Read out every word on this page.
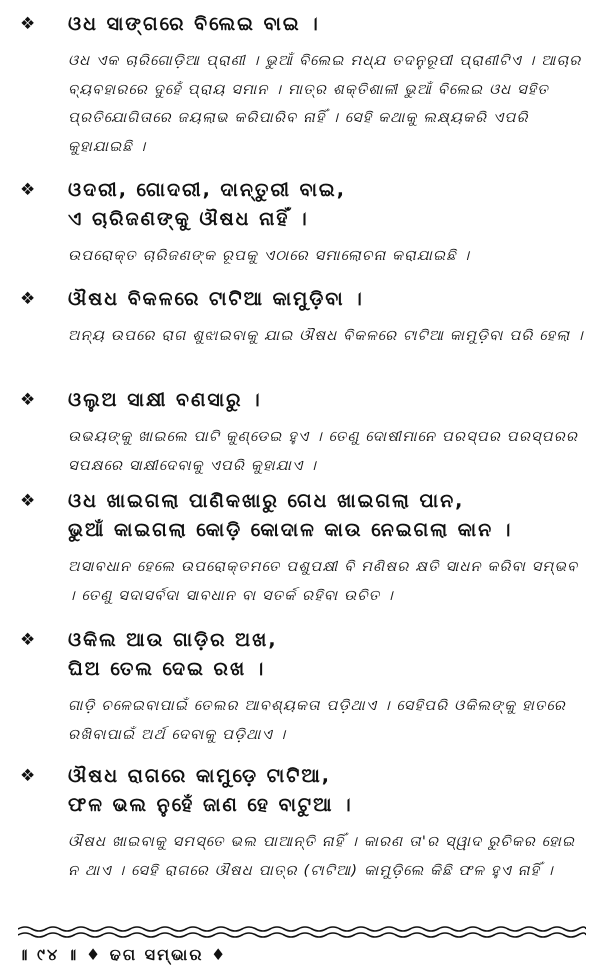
❖ ଓଧ ସାଙ୍ଗରେ ବିଲେଇ ବାଇ ।
ଓଧ ଏକ ଚାରିଗୋଡ଼ିଆ ପ୍ରାଣୀ । ଭୁଆଁ ବିଲେଇ ମଧ୍ଯ ତଦନୁରୂପୀ ପ୍ରାଣୀଟିଏ । ଆଚାର ବ୍ୟବହାରରେ ଦୁହେଁ ପ୍ରାୟ ସମାନ । ମାତ୍ର ଶକ୍ତିଶାଳୀ ଭୁଆଁ ବିଲେଇ ଓଧ ସହିତ ପ୍ରତିଯୋଗିତାରେ ଜୟଲାଭ କରିପାରିବ ନାହିଁ । ସେହି କଥାକୁ ଲକ୍ଷ୍ୟକରି ଏପରି କୁହାଯାଇଛି ।
❖ ଓଦରୀ, ଗୋଦରୀ, ଦାନ୍ତୁରୀ ବାଇ,
ଏ ଚାରିଜଣଙ୍କୁ ଔଷଧ ନାହିଁ ।
ଉପରୋକ୍ତ ଚାରିଜଣଙ୍କ ରୂପକୁ ଏଠାରେ ସମାଲୋଚନା କରାଯାଇଛି ।
❖ ଔଷଧ ବିକଳରେ ଟାଟିଆ କାମୁଡ଼ିବା ।
ଅନ୍ୟ ଉପରେ ରାଗ ଶୁଝାଇବାକୁ ଯାଇ ଔଷଧ ବିକଳରେ ଟାଟିଆ କାମୁଡ଼ିବା ପରି ହେଲା ।
❖ ଓଲୁଅ ସାକ୍ଷୀ ବଣସାରୁ ।
ଉଭୟଙ୍କୁ ଖାଇଲେ ପାଟି କୁଣ୍ଡେଇ ହୁଏ । ତେଣୁ ଦୋଷୀମାନେ ପରସ୍ପର ପରସ୍ପରର ସପକ୍ଷରେ ସାକ୍ଷୀଦେବାକୁ ଏପରି କୁହାଯାଏ ।
❖ ଓଧ ଖାଇଗଲା ପାଣିକଖାରୁ ଗେଧ ଖାଇଗଲା ପାନ,
ଭୁଆଁ କାଇଗଲା କୋଡ଼ି କୋଦାଳ କାଉ ନେଇଗଲା କାନ ।
ଅସାବଧାନ ହେଲେ ଉପରୋକ୍ତମତେ ପଶୁପକ୍ଷୀ ବି ମଣିଷର କ୍ଷତି ସାଧନ କରିବା ସମ୍ଭବ । ତେଣୁ ସଦାସର୍ବଦା ସାବଧାନ ବା ସତର୍କ ରହିବା ଉଚିତ ।
❖ ଓକିଲ ଆଉ ଗାଡ଼ିର ଅଖ,
ଘିଅ ତେଲ ଦେଇ ରଖ ।
ଗାଡ଼ି ଚଳେଇବାପାଇଁ ତେଲର ଆବଶ୍ୟକତା ପଡ଼ିଥାଏ । ସେହିପରି ଓକିଲଙ୍କୁ ହାତରେ ରଖିବାପାଇଁ ଅର୍ଥ ଦେବାକୁ ପଡ଼ିଥାଏ ।
❖ ଔଷଧ ରାଗରେ କାମୁଡ଼େ ଟାଟିଆ,
ଫଳ ଭଲ ନୁହେଁ ଜାଣ ହେ ବାଟୁଆ ।
ଔଷଧ ଖାଇବାକୁ ସମସ୍ତେ ଭଲ ପାଆନ୍ତି ନାହିଁ । କାରଣ ତା'ର ସ୍ୱାଦ ରୁଚିକର ହୋଇ ନ ଥାଏ । ସେହି ରାଗରେ ଔଷଧ ପାତ୍ର (ଟାଟିଆ) କାମୁଡ଼ିଲେ କିଛି ଫଳ ହୁଏ ନାହିଁ ।
॥ ୯୪ ॥ ♦ ଢଗ ସମ୍ଭାର ♦
